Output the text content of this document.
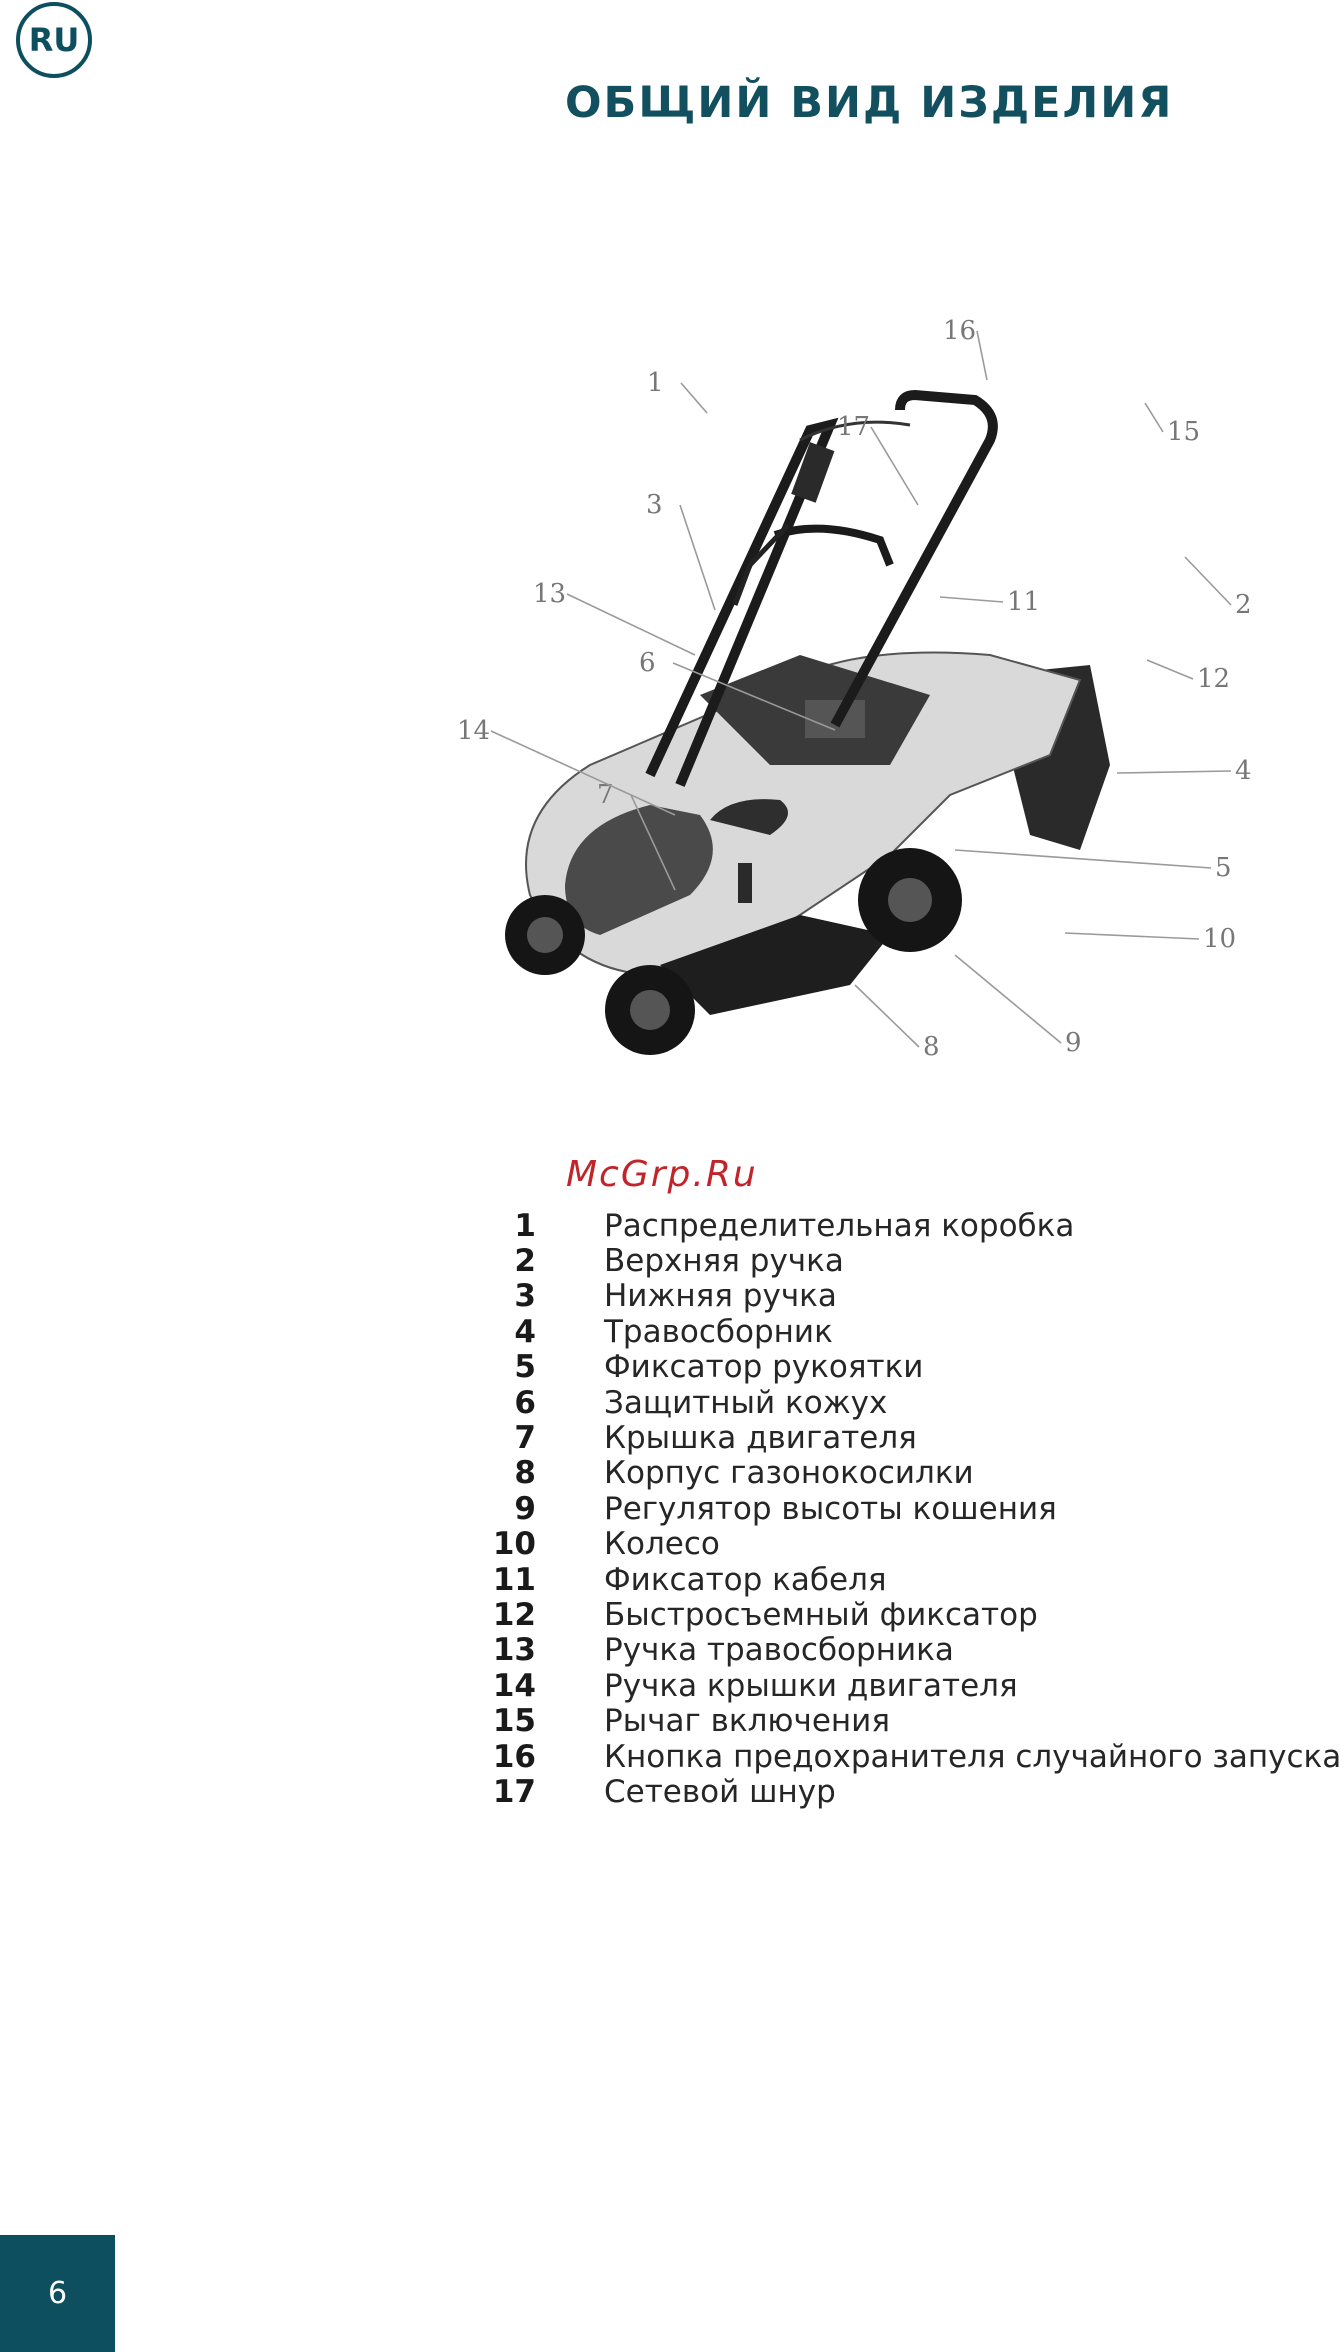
RU
ОБЩИЙ ВИД ИЗДЕЛИЯ
1
2
3
4
5
6
7
8	9
10
11
12
13
14
15
16
17
McGrp.Ru
1 Распределительная коробка
2 Верхняя ручка
3 Нижняя ручка
4 Травосборник
5 Фиксатор рукоятки
6 Защитный кожух
7 Крышка двигателя
8 Корпус газонокосилки
9 Регулятор высоты кошения
10 Колесо
11 Фиксатор кабеля
12 Быстросъемный фиксатор
13 Ручка травосборника
14 Ручка крышки двигателя
15 Рычаг включения
16 Кнопка предохранителя случайного запуска
17 Сетевой шнур
6
